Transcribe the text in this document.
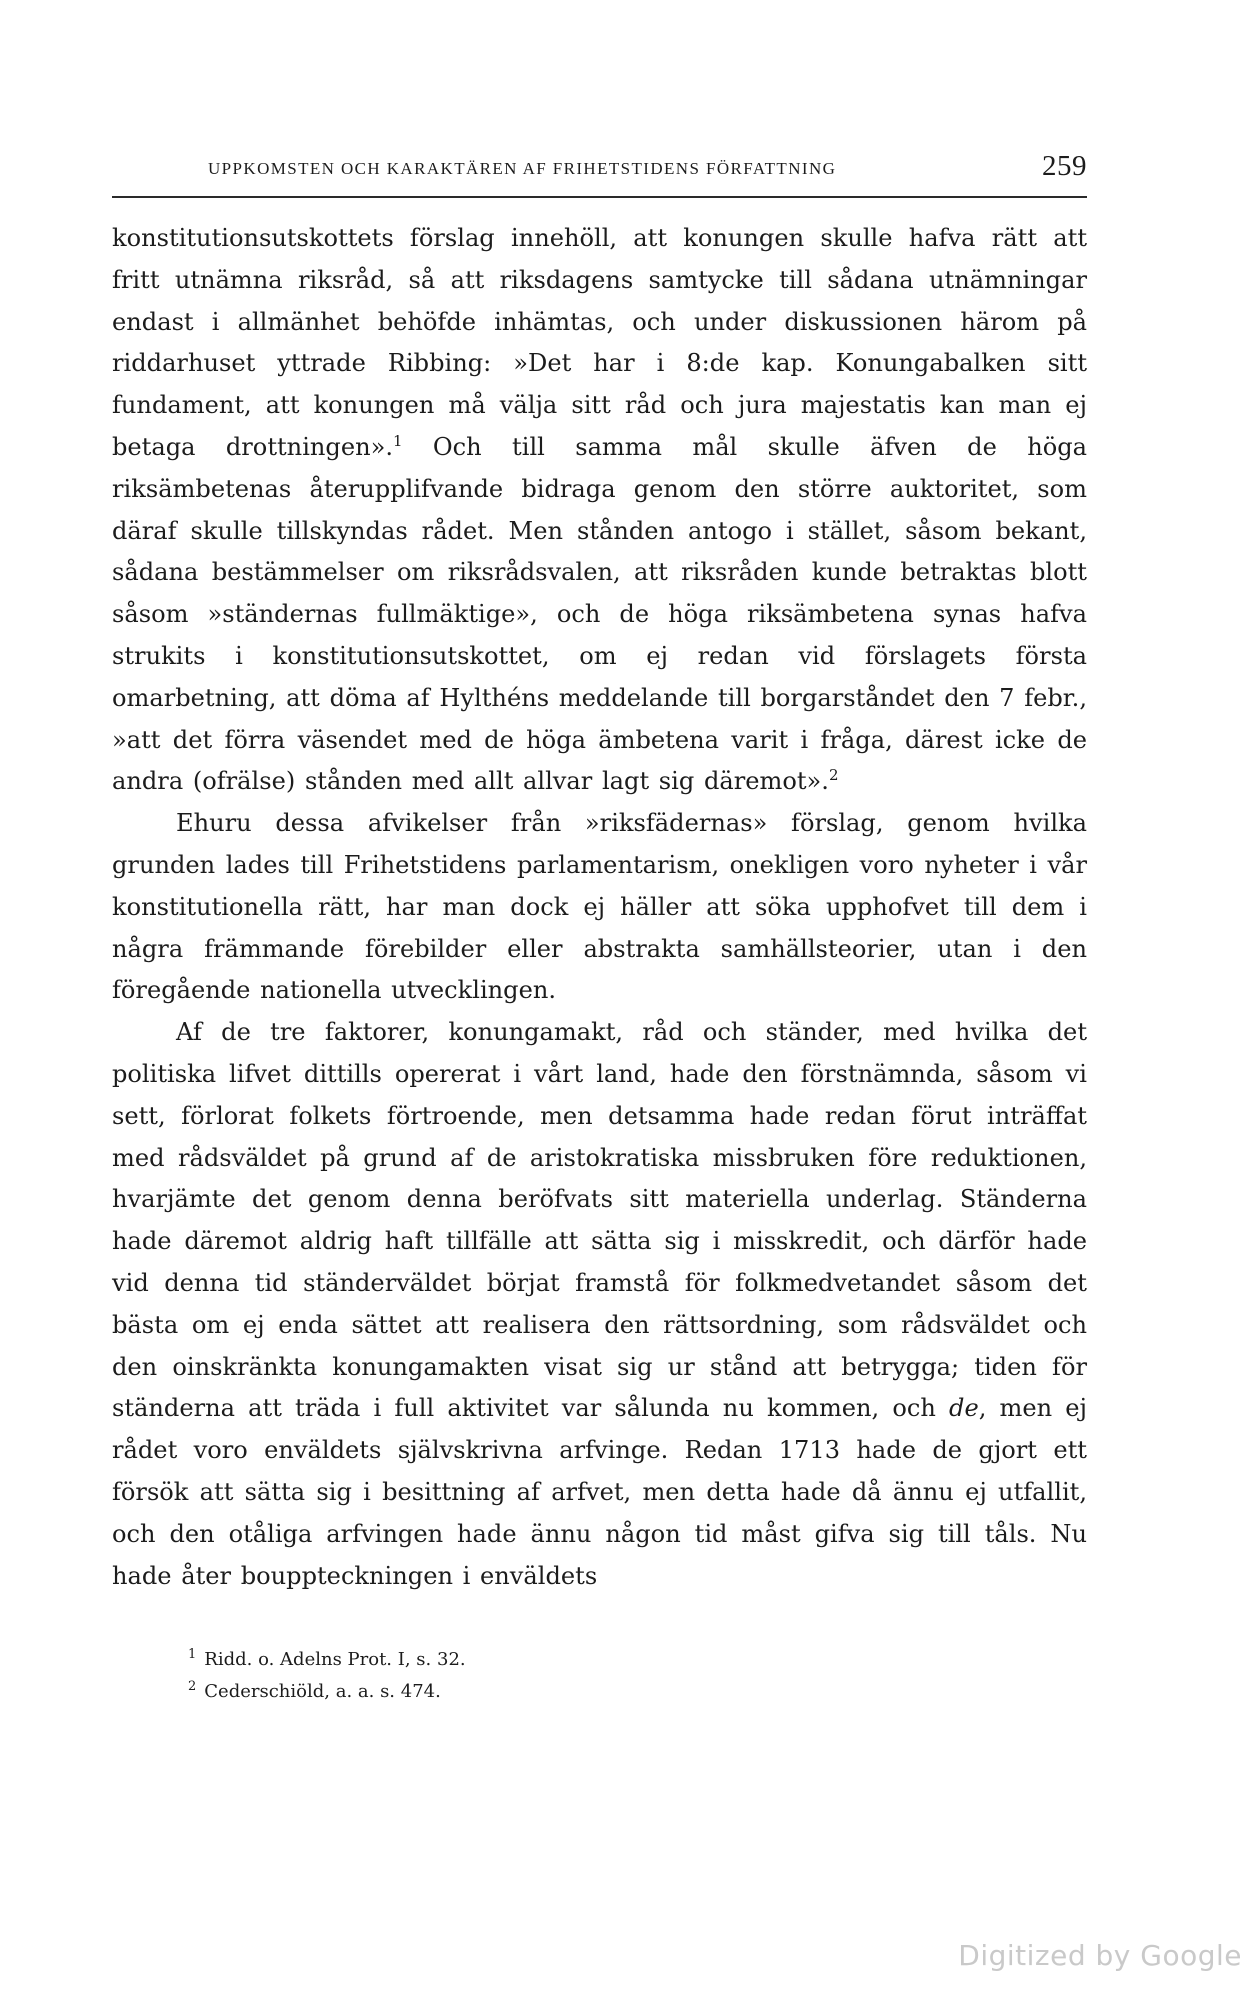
UPPKOMSTEN OCH KARAKTÄREN AF FRIHETSTIDENS FÖRFATTNING	259

konstitutionsutskottets förslag innehöll, att konungen skulle hafva rätt att fritt utnämna riksråd, så att riksdagens samtycke till sådana utnämningar endast i allmänhet behöfde inhämtas, och under diskussionen härom på riddarhuset yttrade Ribbing: »Det har i 8:de kap. Konungabalken sitt fundament, att konungen må välja sitt råd och jura majestatis kan man ej betaga drottningen».$^1$ Och till samma mål skulle äfven de höga riksämbetenas återupplifvande bidraga genom den större auktoritet, som däraf skulle tillskyndas rådet. Men stånden antogo i stället, såsom bekant, sådana bestämmelser om riksrådsvalen, att riksråden kunde betraktas blott såsom »ständernas fullmäktige», och de höga riksämbetena synas hafva strukits i konstitutionsutskottet, om ej redan vid förslagets första omarbetning, att döma af Hylthéns meddelande till borgarståndet den 7 febr., »att det förra väsendet med de höga ämbetena varit i fråga, därest icke de andra (ofrälse) stånden med allt allvar lagt sig däremot».$^2$

Ehuru dessa afvikelser från »riksfädernas» förslag, genom hvilka grunden lades till Frihetstidens parlamentarism, onekligen voro nyheter i vår konstitutionella rätt, har man dock ej häller att söka upphofvet till dem i några främmande förebilder eller abstrakta samhällsteorier, utan i den föregående nationella utvecklingen.

Af de tre faktorer, konungamakt, råd och ständer, med hvilka det politiska lifvet dittills opererat i vårt land, hade den förstnämnda, såsom vi sett, förlorat folkets förtroende, men detsamma hade redan förut inträffat med rådsväldet på grund af de aristokratiska missbruken före reduktionen, hvarjämte det genom denna beröfvats sitt materiella underlag. Ständerna hade däremot aldrig haft tillfälle att sätta sig i misskredit, och därför hade vid denna tid ständerväldet börjat framstå för folkmedvetandet såsom det bästa om ej enda sättet att realisera den rättsordning, som rådsväldet och den oinskränkta konungamakten visat sig ur stånd att betrygga; tiden för ständerna att träda i full aktivitet var sålunda nu kommen, och de, men ej rådet voro enväldets självskrivna arfvinge. Redan 1713 hade de gjort ett försök att sätta sig i besittning af arfvet, men detta hade då ännu ej utfallit, och den otåliga arfvingen hade ännu någon tid måst gifva sig till tåls. Nu hade åter bouppteckningen i enväldets

$^1$ Ridd. o. Adelns Prot. I, s. 32.
$^2$ Cederschiöld, a. a. s. 474.
Digitized by Google
